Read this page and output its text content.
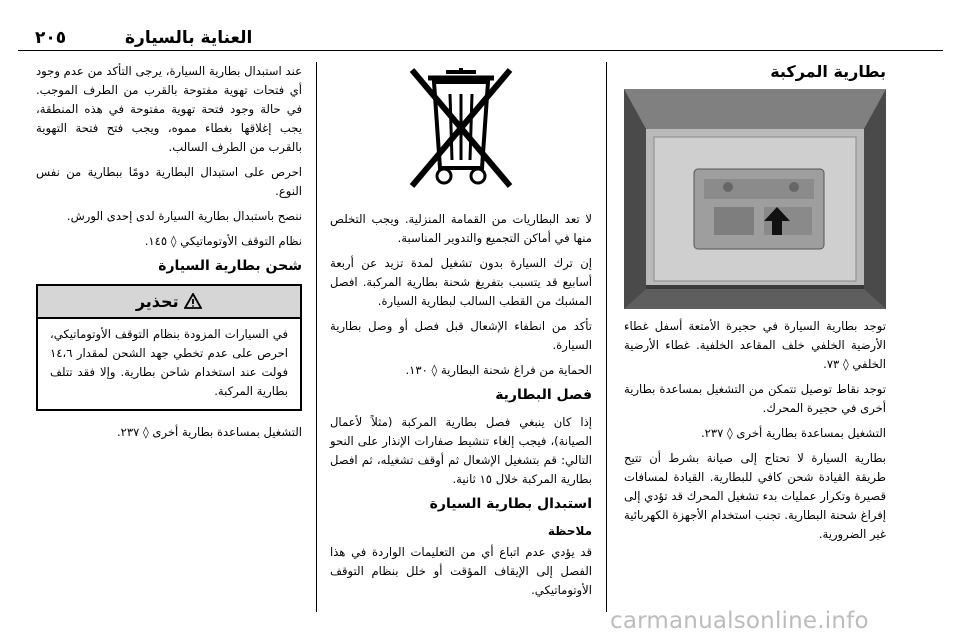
٢٠٥	العناية بالسيارة
بطارية المركبة

توجد بطارية السيارة في حجيرة الأمتعة أسفل غطاء الأرضية الخلفي خلف المقاعد الخلفية. غطاء الأرضية الخلفي ‎◊ ٧٣.

توجد نقاط توصيل تتمكن من التشغيل بمساعدة بطارية أخرى في حجيرة المحرك.

التشغيل بمساعدة بطارية أخرى ‎◊ ٢٣٧.

بطارية السيارة لا تحتاج إلى صيانة بشرط أن تتيح طريقة القيادة شحن كافي للبطارية. القيادة لمسافات قصيرة وتكرار عمليات بدء تشغيل المحرك قد تؤدي إلى إفراغ شحنة البطارية. تجنب استخدام الأجهزة الكهربائية غير الضرورية.

لا تعد البطاريات من القمامة المنزلية. ويجب التخلص منها في أماكن التجميع والتدوير المناسبة.

إن ترك السيارة بدون تشغيل لمدة تزيد عن أربعة أسابيع قد يتسبب بتفريغ شحنة بطارية المركبة. افصل المشبك من القطب السالب لبطارية السيارة.

تأكد من انطفاء الإشعال قبل فصل أو وصل بطارية السيارة.

الحماية من فراغ شحنة البطارية ‎◊ ١٣٠.

فصل البطارية

إذا كان ينبغي فصل بطارية المركبة (مثلاً لأعمال الصيانة)، فيجب إلغاء تنشيط صفارات الإنذار على النحو التالي: قم بتشغيل الإشعال ثم أوقف تشغيله، ثم افصل بطارية المركبة خلال ١٥ ثانية.

استبدال بطارية السيارة
ملاحظة

قد يؤدي عدم اتباع أي من التعليمات الواردة في هذا الفصل إلى الإيقاف المؤقت أو خلل بنظام التوقف الأوتوماتيكي.

عند استبدال بطارية السيارة، يرجى التأكد من عدم وجود أي فتحات تهوية مفتوحة بالقرب من الطرف الموجب. في حالة وجود فتحة تهوية مفتوحة في هذه المنطقة، يجب إغلاقها بغطاء مموه، ويجب فتح فتحة التهوية بالقرب من الطرف السالب.

احرص على استبدال البطارية دومًا ببطارية من نفس النوع.

ننصح باستبدال بطارية السيارة لدى إحدى الورش.

نظام التوقف الأوتوماتيكي ‎◊ ١٤٥.

شحن بطارية السيارة
تحذير

في السيارات المزودة بنظام التوقف الأوتوماتيكي، احرص على عدم تخطي جهد الشحن لمقدار ١٤،٦ فولت عند استخدام شاحن بطارية. وإلا فقد تتلف بطارية المركبة.

التشغيل بمساعدة بطارية أخرى ‎◊ ٢٣٧.

carmanualsonline.info
